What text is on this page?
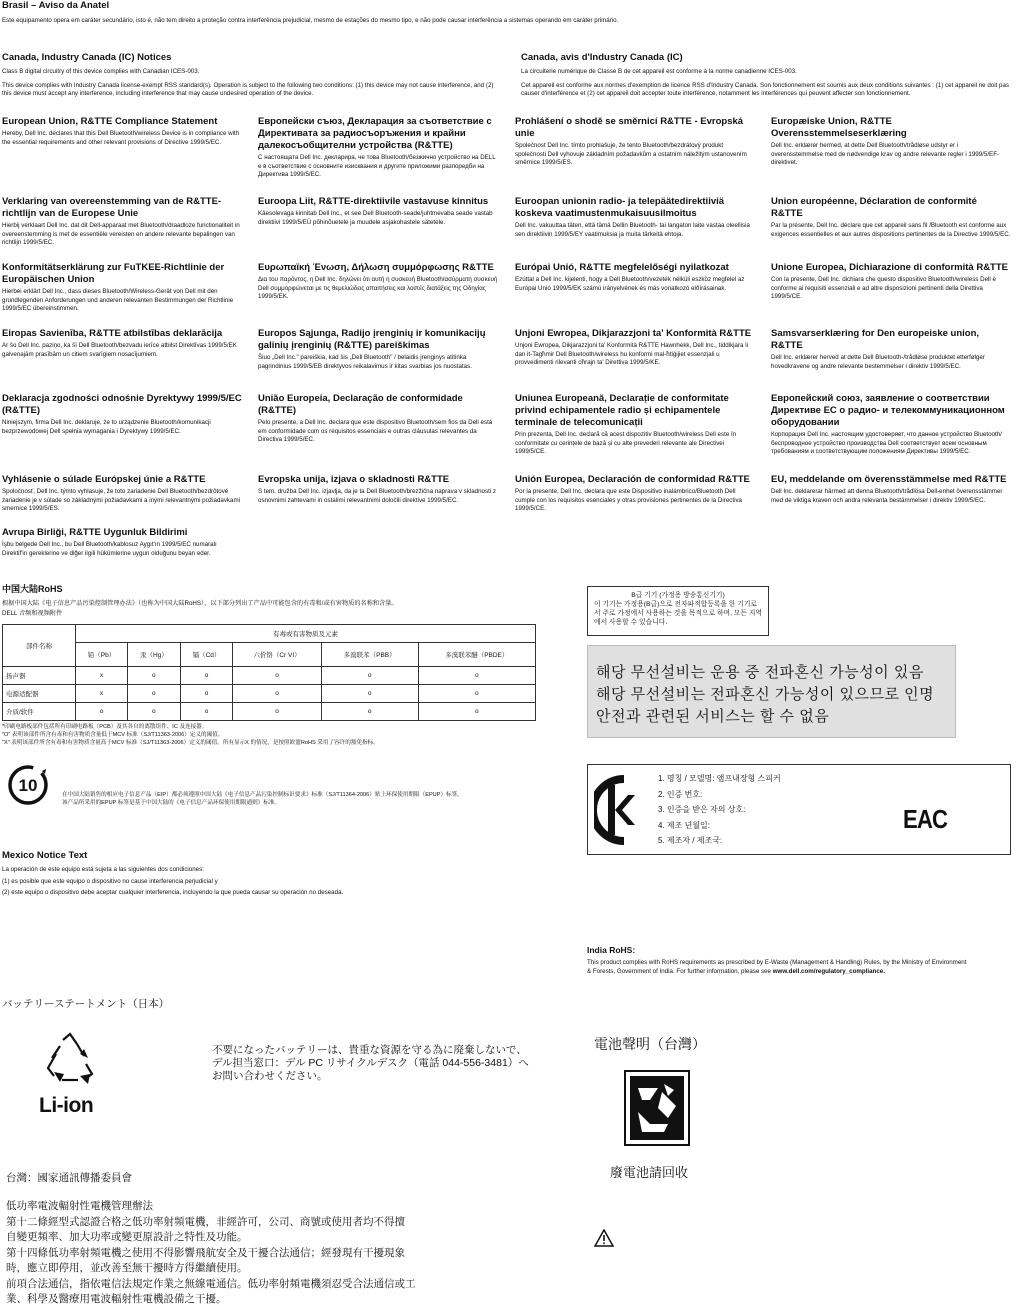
Brasil – Aviso da Anatel

Este equipamento opera em caráter secundário, isto é, não tem direito a proteção contra interferência prejudicial, mesmo de estações do mesmo tipo, e não pode causar interferência a sistemas operando em caráter primário.

Canada, Industry Canada (IC) Notices

Class B digital circuitry of this device complies with Canadian ICES-003.

This device complies with Industry Canada license-exempt RSS standard(s). Operation is subject to the following two conditions: (1) this device may not cause interference, and (2) this device must accept any interference, including interference that may cause undesired operation of the device.

Canada, avis d'Industry Canada (IC)

La circuiterie numérique de Classe B de cet appareil est conforme à la norme canadienne ICES-003.

Cet appareil est conforme aux normes d'exemption de licence RSS d'Industry Canada. Son fonctionnement est soumis aux deux conditions suivantes : (1) cet appareil ne doit pas causer d'interférence et (2) cet appareil doit accepter toute interférence, notamment les interférences qui peuvent affecter son fonctionnement.

European Union, R&TTE Compliance Statement

Hereby, Dell Inc. declares that this Dell Bluetooth/wireless Device is in compliance with the essential requirements and other relevant provisions of Directive 1999/5/EC.

Европейски съюз, Декларация за съответствие с Директивата за радиосъоръжения и крайни далекосъобщителни устройства (R&TTE)

С настоящата Dell Inc. декларира, че това Bluetooth/безжично устройство на DELL е в съответствие с основните изисквания и другите приложими разпоредби на Директива 1999/5/EC.

Prohlášení o shodě se směrnicí R&TTE - Evropská unie

Společnost Dell Inc. tímto prohlašuje, že tento Bluetooth/bezdrátový produkt společnosti Dell vyhovuje základním požadavkům a ostatním náležitým ustanovením směrnice 1999/5/ES.

Europæiske Union, R&TTE Overensstemmelseserklæring

Dell Inc. erklærer hermed, at dette Dell Bluetooth/trådløse udstyr er i overensstemmelse med de nødvendige krav og andre relevante regler i 1999/5/EF-direktivet.

Verklaring van overeenstemming van de R&TTE-richtlijn van de Europese Unie

Hierbij verklaart Dell Inc. dat dit Dell-apparaat met Bluetooth/draadloze functionaliteit in overeenstemming is met de essentiële vereisten en andere relevante bepalingen van richtlijn 1999/5/EC.

Euroopa Liit, R&TTE-direktiivile vastavuse kinnitus

Käesolevaga kinnitab Dell Inc., et see Dell Bluetooth-seade/juhtmevaba seade vastab direktiivi 1999/5/EÜ põhinõuetele ja muudele asjakohastele sätetele.

Euroopan unionin radio- ja telepäätedirektiiviä koskeva vaatimustenmukaisuusilmoitus

Dell Inc. vakuuttaa täten, että tämä Dellin Bluetooth- tai langaton laite vastaa oleellisia sen direktiivin 1999/5/EY vaatimuksia ja muita tärkeitä ehtoja.

Union européenne, Déclaration de conformité R&TTE

Par la présente, Dell Inc. déclare que cet appareil sans fil /Bluetooth est conforme aux exigences essentielles et aux autres dispositions pertinentes de la Directive 1999/5/EC.

Konformitätserklärung zur FuTKEE-Richtlinie der Europäischen Union

Hierbei erklärt Dell Inc., dass dieses Bluetooth/Wireless-Gerät von Dell mit den grundlegenden Anforderungen und anderen relevanten Bestimmungen der Richtlinie 1999/5/EC übereinstimmen.

Ευρωπαϊκή Ένωση, Δήλωση συμμόρφωσης R&TTE

Δια του παρόντος, η Dell Inc. δηλώνει ότι αυτή η συσκευή Bluetooth/ασύρματη συσκευή Dell συμμορφώνεται με τις θεμελιώδεις απαιτήσεις και λοιπές διατάξεις της Οδηγίας 1999/5/EK.

Európai Unió, R&TTE megfelelőségi nyilatkozat

Ezúttal a Dell Inc. kijelenti, hogy a Dell Bluetooth/vezeték nélküli eszköz megfelel az Európai Unió 1999/5/EK számú irányelvének és más vonatkozó előírásainak.

Unione Europea, Dichiarazione di conformità R&TTE

Con la presente, Dell Inc. dichiara che questo dispositivo Bluetooth/wireless Dell è conforme ai requisiti essenziali e ad altre disposizioni pertinenti della Direttiva 1999/5/CE.

Eiropas Savienība, R&TTE atbilstības deklarācija

Ar šo Dell Inc. paziņo, ka šī Dell Bluetooth/bezvadu ierīce atbilst Direktīvas 1999/5/EK galvenajām prasībām un citiem svarīgiem nosacījumiem.

Europos Sąjunga, Radijo įrenginių ir komunikacijų galinių įrenginių (R&TTE) pareiškimas

Šiuo „Dell Inc." pareiškia, kad šis „Dell Bluetooth" / belaidis įrenginys atitinka pagrindinius 1999/5/EB direktyvos reikalavimus ir kitas svarbias jos nuostatas.

Unjoni Ewropea, Dikjarazzjoni ta' Konformità R&TTE

Unjoni Ewropea, Dikjarazzjoni ta' Konformità R&TTE Hawnhekk, Dell Inc., tiddikjara li dan it-Tagħmir Dell Bluetooth/wireless hu konformi mal-ħtiġijiet essenzjali u provvedimenti rilevanti oħrajn ta' Direttiva 1999/5/KE.

Samsvarserklæring for Den europeiske union, R&TTE

Dell Inc. erklærer herved at dette Dell Bluetooth-/trådløse produktet etterfølger hovedkravene og andre relevante bestemmelser i direktiv 1999/5/EC.

Deklaracja zgodności odnośnie Dyrektywy 1999/5/EC (R&TTE)

Niniejszym, firma Dell Inc. deklaruje, że to urządzenie Bluetooth/komunikacji bezprzewodowej Dell spełnia wymagania i Dyrektywy 1999/5/EC.

União Europeia, Declaração de conformidade (R&TTE)

Pelo presente, a Dell Inc. declara que este dispositivo Bluetooth/sem fios da Dell está em conformidade com os requisitos essenciais e outras cláusulas relevantes da Directiva 1999/5/EC.

Uniunea Europeană, Declarație de conformitate privind echipamentele radio și echipamentele terminale de telecomunicații

Prin prezenta, Dell Inc. declară că acest dispozitiv Bluetooth/wireless Dell este în conformitate cu cerințele de bază și cu alte prevederi relevante ale Directivei 1999/5/CE.

Европейский союз, заявление о соответствии Директиве ЕС о радио- и телекоммуникационном оборудовании

Корпорация Dell Inc. настоящим удостоверяет, что данное устройство Bluetooth/беспроводное устройство производства Dell соответствует всем основным требованиям и соответствующим положениям Директивы 1999/5/EC.

Vyhlásenie o súlade Európskej únie a R&TTE

Spoločnosť, Dell Inc. týmto vyhlasuje, že toto zariadenie Dell Bluetooth/bezdrôtové zariadenie je v súlade so základnými požiadavkami a inými relevantnými požiadavkami smernice 1999/5/ES.

Evropska unija, izjava o skladnosti R&TTE

S tem, družba Dell Inc. izjavlja, da je ta Dell Bluetooth/brezžična naprava v skladnosti z osnovnimi zahtevami in ostalimi relevantnimi določili direktive 1999/5/EC.

Unión Europea, Declaración de conformidad R&TTE

Por la presente, Dell Inc. declara que este Dispositivo inalámbrico/Bluetooth Dell cumple con los requisitos esenciales y otras provisiones pertinentes de la Directiva 1999/5/CE.

EU, meddelande om överensstämmelse med R&TTE

Dell Inc. deklarerar härmed att denna Bluetooth/trådlösa Dell-enhet överensstämmer med de viktiga kraven och andra relevanta bestämmelser i direktiv 1999/5/EC.

Avrupa Birliği, R&TTE Uygunluk Bildirimi

İşbu belgede Dell Inc., bu Dell Bluetooth/kablosuz Aygıt'ın 1999/5/EC numaralı Direktif'in gereklerine ve diğer ilgili hükümlerine uygun olduğunu beyan eder.

中国大陆RoHS

根据中国大陆《电子信息产品污染控制管理办法》（也称为中国大陆RoHS），以下部分列出了产品中可能包含的有毒和/或有害物质的名称和含量。

DELL 音频和视频附件

部件名称	有毒或有害物质及元素					
	铅（Pb）	汞（Hg）	镉（Cd）	六价铬（Cr VI）	多溴联苯（PBB）	多溴联苯醚（PBDE）
扬声器	x	o	o	o	o	o
电源适配器	x	o	o	o	o	o
介质/软件	o	o	o	o	o	o

*印刷电路板部件包括所有印刷电路板（PCB）及其各自的离散组件、IC 及连接器。

"O" 表明该部件所含有毒和有害物质含量低于MCV 标准（SJ/T11363-2006）定义的阈值。

"X" 表明该部件所含有毒和有害物质含量高于MCV 标准（SJ/T11363-2006）定义的阈值。所有显示X 的情况，是按照欧盟RoHS 采用了容许的豁免指标。

10	在中国大陆销售的相应电子信息产品（EIP）都必须遵照中国大陆《电子信息产品污染控制标识要求》标准（SJ/T11364-2006）贴上环保使用期限（EPUP）标签。

该产品所采用的EPUP 标签是基于中国大陆的《电子信息产品环保使用期限通则》标准。

B급 기기 (가정용 방송통신기기)
이 기기는 가정용(B급)으로 전자파적합등록을 한 기기로서 주로 가정에서 사용하는 것을 목적으로 하며, 모든 지역에서 사용할 수 있습니다.
해당 무선설비는 운용 중 전파혼신 가능성이 있음
해당 무선설비는 전파혼신 가능성이 있으므로 인명
안전과 관련된 서비스는 할 수 없음
1. 명칭 / 모델명: 앰프내장형 스피커
2. 인증 번호:
3. 인증을 받은 자의 상호:
4. 제조 년월일:
5. 제조자 / 제조국:
EAC

Mexico Notice Text

La operación de este equipo está sujeta a las siguientes dos condiciones:

(1) es posible que este equipo o dispositivo no cause interferencia perjudicial y

(2) este equipo o dispositivo debe aceptar cualquier interferencia, incluyendo la que pueda causar su operación no deseada.

India RoHS:

This product complies with RoHS requirements as prescribed by E-Waste (Management & Handling) Rules, by the Ministry of Environment & Forests, Government of India. For further information, please see www.dell.com/regulatory_compliance.

バッテリーステートメント（日本）
Li-ion
不要になったバッテリーは、貴重な資源を守る為に廃棄しないで、
デル担当窓口：デル PC リサイクルデスク（電話 044-556-3481）へ
お問い合わせください。
電池聲明（台灣）
廢電池請回收
台灣：國家通訊傳播委員會
低功率電波輻射性電機管理辦法
第十二條經型式認證合格之低功率射頻電機，非經許可，公司、商號或使用者均不得擅
自變更頻率、加大功率或變更原設計之特性及功能。
第十四條低功率射頻電機之使用不得影響飛航安全及干擾合法通信；經發現有干擾現象
時，應立即停用，並改善至無干擾時方得繼續使用。
前項合法通信，指依電信法規定作業之無線電通信。低功率射頻電機須忍受合法通信或工
業、科學及醫療用電波輻射性電機設備之干擾。
